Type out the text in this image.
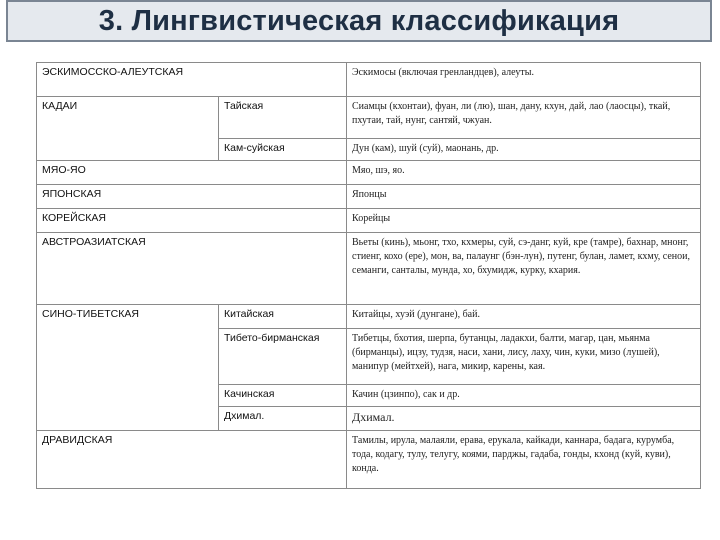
3. Лингвистическая классификация
ЭСКИМОССКО-АЛЕУТСКАЯ		Эскимосы (включая гренландцев), алеуты.
КАДАИ	Тайская	Сиамцы (кхонтаи), фуан, ли (лю), шан, дану, кхун, дай, лао (лаосцы), ткай, пхутаи, тай, нунг, сантяй, чжуан.
	Кам-суйская	Дун (кам), шуй (суй), маонань, др.
МЯО-ЯО		Мяо, шэ, яо.
ЯПОНСКАЯ		Японцы
КОРЕЙСКАЯ		Корейцы
АВСТРОАЗИАТСКАЯ		Вьеты (кинь), мьонг, тхо, кхмеры, суй, сэ-данг, куй, кре (тамре), бахнар, мнонг, стиенг, кохо (ере), мон, ва, палаунг (бэн-лун), путенг, булан, ламет, кхму, сенои, семанги, санталы, мунда, хо, бхумидж, курку, кхария.
СИНО-ТИБЕТСКАЯ	Китайская	Китайцы, хуэй (дунгане), бай.
	Тибето-бирманская	Тибетцы, бхотия, шерпа, бутанцы, ладакхи, балти, магар, цан, мьянма (бирманцы), ицзу, тудзя, наси, хани, лису, лаху, чин, куки, мизо (лушей), манипур (мейтхей), нага, микир, карены, кая.
	Качинская	Качин (цзинпо), сак и др.
	Дхимал.	Дхимал.
ДРАВИДСКАЯ		Тамилы, ирула, малаяли, ерава, ерукала, кайкади, каннара, бадага, курумба, тода, кодагу, тулу, телугу, коями, парджы, гадаба, гонды, кхонд (куй, куви), конда.
